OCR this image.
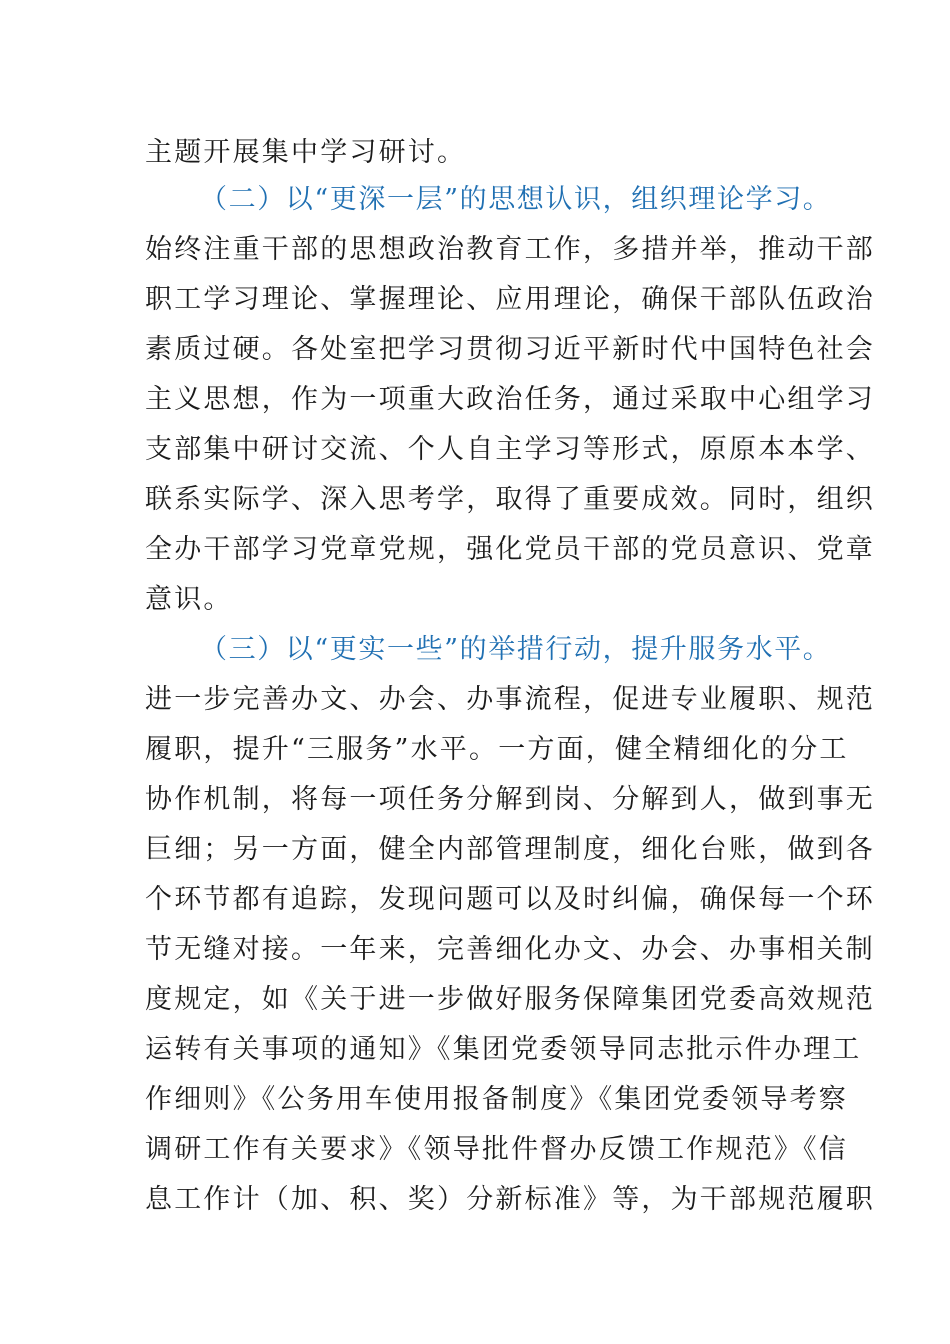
主题开展集中学习研讨。
（二）以“更深一层”的思想认识，组织理论学习。
始终注重干部的思想政治教育工作，多措并举，推动干部
职工学习理论、掌握理论、应用理论，确保干部队伍政治
素质过硬。各处室把学习贯彻习近平新时代中国特色社会
主义思想，作为一项重大政治任务，通过采取中心组学习
支部集中研讨交流、个人自主学习等形式，原原本本学、
联系实际学、深入思考学，取得了重要成效。同时，组织
全办干部学习党章党规，强化党员干部的党员意识、党章
意识。
（三）以“更实一些”的举措行动，提升服务水平。
进一步完善办文、办会、办事流程，促进专业履职、规范
履职，提升“三服务”水平。一方面，健全精细化的分工
协作机制，将每一项任务分解到岗、分解到人，做到事无
巨细；另一方面，健全内部管理制度，细化台账，做到各
个环节都有追踪，发现问题可以及时纠偏，确保每一个环
节无缝对接。一年来，完善细化办文、办会、办事相关制
度规定，如《关于进一步做好服务保障集团党委高效规范
运转有关事项的通知》《集团党委领导同志批示件办理工
作细则》《公务用车使用报备制度》《集团党委领导考察
调研工作有关要求》《领导批件督办反馈工作规范》《信
息工作计（加、积、奖）分新标准》等，为干部规范履职
